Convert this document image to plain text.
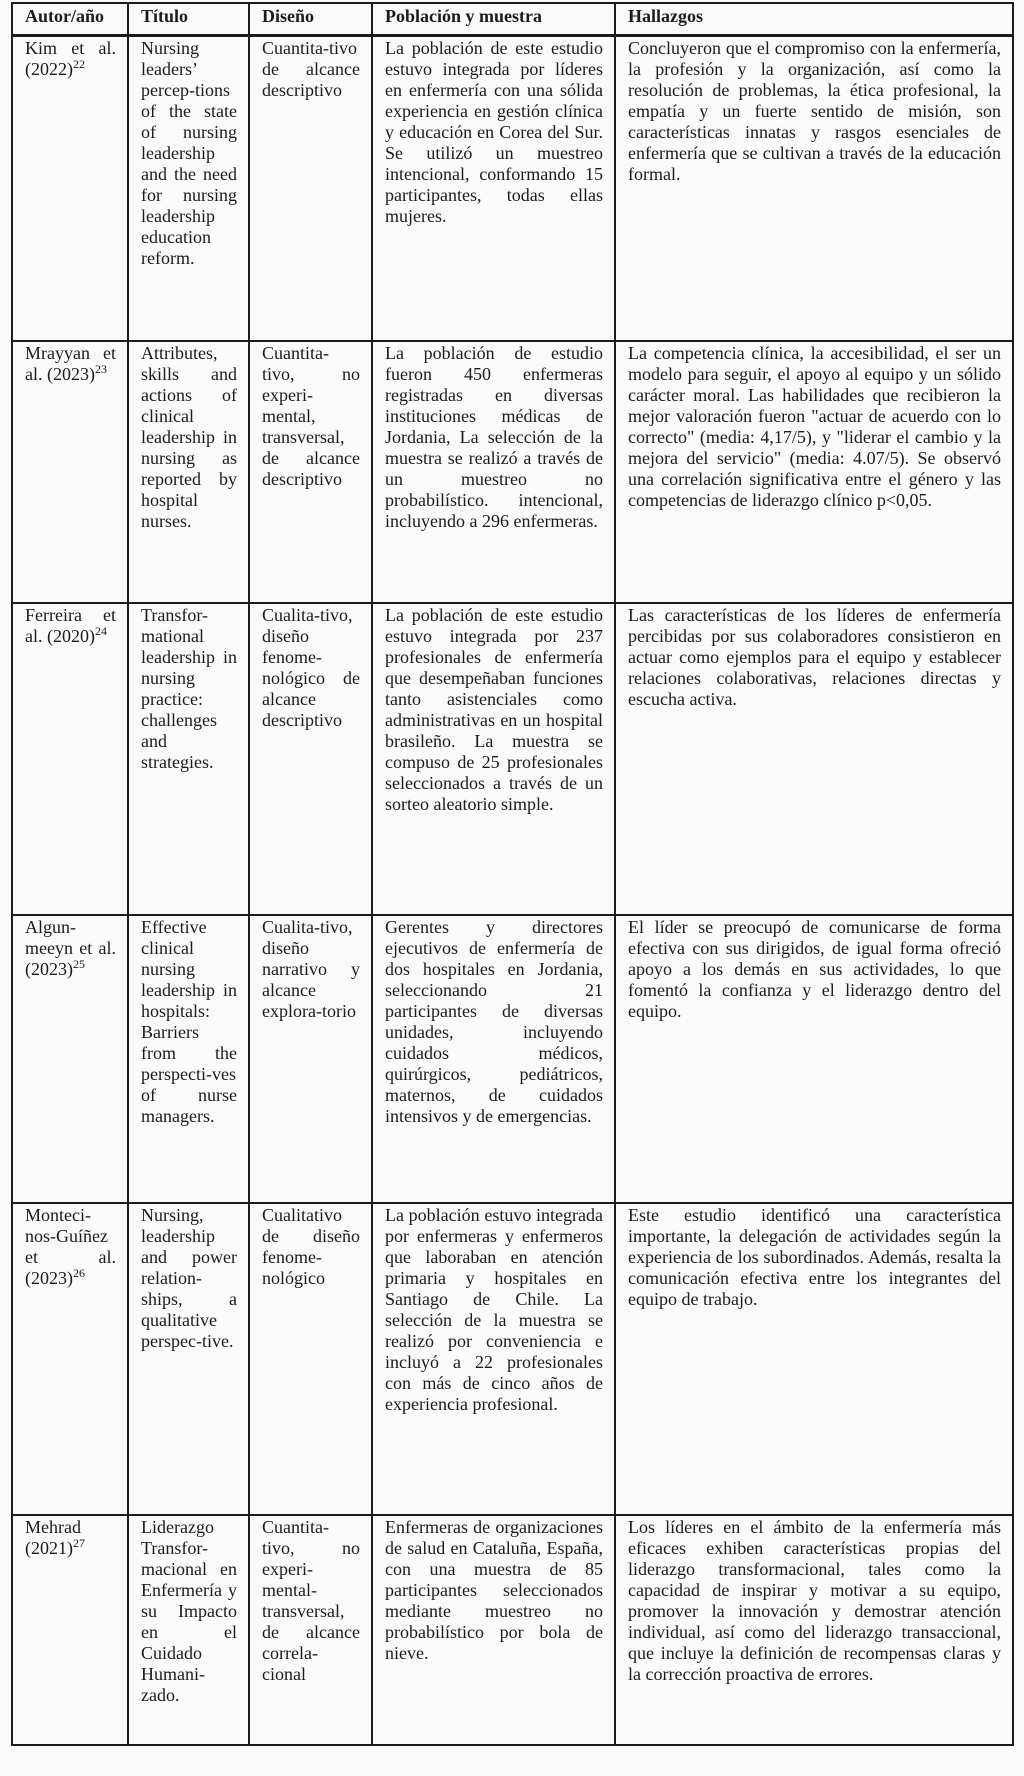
Autor/año	Título	Diseño	Población y muestra	Hallazgos
Kim et al. $(2022)^{22}$	Nursing leaders’ percep-tions of the state of nursing leadership and the need for nursing leadership education reform.	Cuantita-tivo de alcance descriptivo	La población de este estudio estuvo integrada por líderes en enfermería con una sólida experiencia en gestión clínica y educación en Corea del Sur. Se utilizó un muestreo intencional, conformando 15 participantes, todas ellas mujeres.	Concluyeron que el compromiso con la enfermería, la profesión y la organización, así como la resolución de problemas, la ética profesional, la empatía y un fuerte sentido de misión, son características innatas y rasgos esenciales de enfermería que se cultivan a través de la educación formal.
Mrayyan et al. $(2023)^{23}$	Attributes, skills and actions of clinical leadership in nursing as reported by hospital nurses.	Cuantita-tivo, no experi-mental, transversal, de alcance descriptivo	La población de estudio fueron 450 enfermeras registradas en diversas instituciones médicas de Jordania, La selección de la muestra se realizó a través de un muestreo no probabilístico. intencional, incluyendo a 296 enfermeras.	La competencia clínica, la accesibilidad, el ser un modelo para seguir, el apoyo al equipo y un sólido carácter moral. Las habilidades que recibieron la mejor valoración fueron "actuar de acuerdo con lo correcto" (media: 4,17/5), y "liderar el cambio y la mejora del servicio" (media: 4.07/5). Se observó una correlación significativa entre el género y las competencias de liderazgo clínico p<0,05.
Ferreira et al. $(2020)^{24}$	Transfor-mational leadership in nursing practice: challenges and strategies.	Cualita-tivo, diseño fenome-nológico de alcance descriptivo	La población de este estudio estuvo integrada por 237 profesionales de enfermería que desempeñaban funciones tanto asistenciales como administrativas en un hospital brasileño. La muestra se compuso de 25 profesionales seleccionados a través de un sorteo aleatorio simple.	Las características de los líderes de enfermería percibidas por sus colaboradores consistieron en actuar como ejemplos para el equipo y establecer relaciones colaborativas, relaciones directas y escucha activa.
Algun-meeyn et al. $(2023)^{25}$	Effective clinical nursing leadership in hospitals: Barriers from the perspecti-ves of nurse managers.	Cualita-tivo, diseño narrativo y alcance explora-torio	Gerentes y directores ejecutivos de enfermería de dos hospitales en Jordania, seleccionando 21 participantes de diversas unidades, incluyendo cuidados médicos, quirúrgicos, pediátricos, maternos, de cuidados intensivos y de emergencias.	El líder se preocupó de comunicarse de forma efectiva con sus dirigidos, de igual forma ofreció apoyo a los demás en sus actividades, lo que fomentó la confianza y el liderazgo dentro del equipo.
Monteci-nos-Guíñez et al. $(2023)^{26}$	Nursing, leadership and power relation-ships, a qualitative perspec-tive.	Cualitativo de diseño fenome-nológico	La población estuvo integrada por enfermeras y enfermeros que laboraban en atención primaria y hospitales en Santiago de Chile. La selección de la muestra se realizó por conveniencia e incluyó a 22 profesionales con más de cinco años de experiencia profesional.	Este estudio identificó una característica importante, la delegación de actividades según la experiencia de los subordinados. Además, resalta la comunicación efectiva entre los integrantes del equipo de trabajo.
Mehrad $(2021)^{27}$	Liderazgo Transfor-macional en Enfermería y su Impacto en el Cuidado Humani-zado.	Cuantita-tivo, no experi-mental-transversal, de alcance correla-cional	Enfermeras de organizaciones de salud en Cataluña, España, con una muestra de 85 participantes seleccionados mediante muestreo no probabilístico por bola de nieve.	Los líderes en el ámbito de la enfermería más eficaces exhiben características propias del liderazgo transformacional, tales como la capacidad de inspirar y motivar a su equipo, promover la innovación y demostrar atención individual, así como del liderazgo transaccional, que incluye la definición de recompensas claras y la corrección proactiva de errores.
